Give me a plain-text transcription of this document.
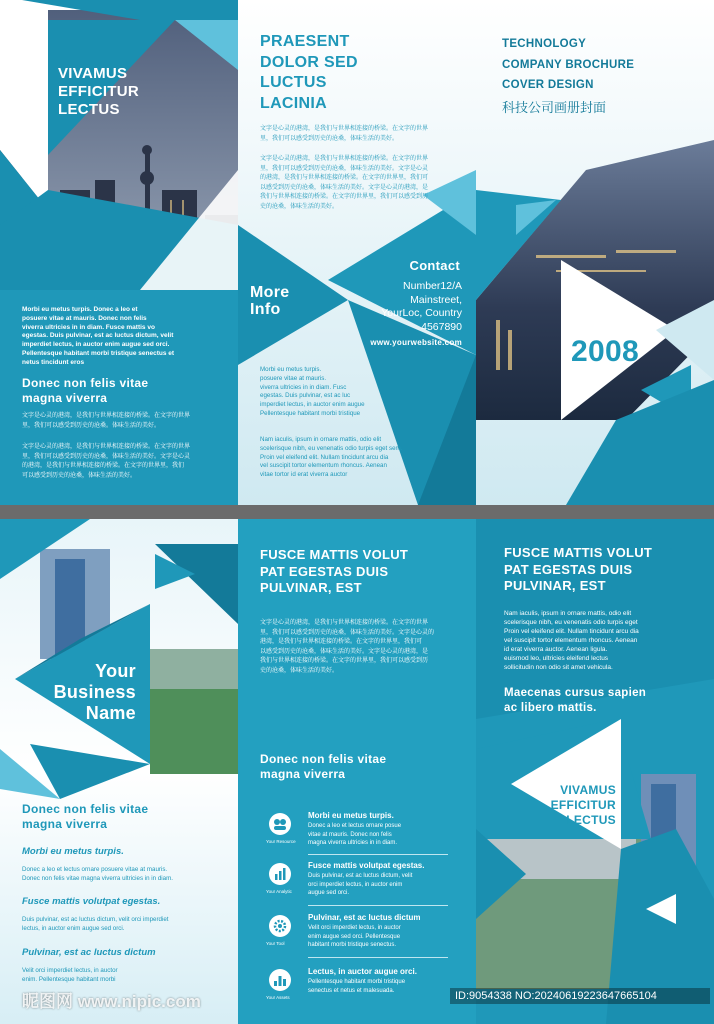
VIVAMUS
EFFICITUR
LECTUS
Morbi eu metus turpis. Donec a leo et
posuere vitae at mauris. Donec non felis
viverra ultricies in in diam. Fusce mattis vo
egestas. Duis pulvinar, est ac luctus dictum, velit
imperdiet lectus, in auctor enim augue sed orci.
Pellentesque habitant morbi tristique senectus et
netus tincidunt eros
Donec non felis vitae
magna viverra
文字是心灵的港湾，是我们与世界相连接的桥梁。在文字的世界
里，我们可以感受到历史的沧桑。体味生活的美好。
文字是心灵的港湾，是我们与世界相连接的桥梁。在文字的世界
里，我们可以感受到历史的沧桑，体味生活的美好。文字是心灵
的港湾，是我们与世界相连接的桥梁。在文字的世界里，我们
可以感受到历史的沧桑，体味生活的美好。
PRAESENT
DOLOR SED
LUCTUS
LACINIA
文字是心灵的港湾，是我们与世界相连接的桥梁。在文字的世界
里，我们可以感受到历史的沧桑，体味生活的美好。
文字是心灵的港湾，是我们与世界相连接的桥梁。在文字的世界
里，我们可以感受到历史的沧桑，体味生活的美好。文字是心灵
的港湾，是我们与世界相连接的桥梁。在文字的世界里，我们可
以感受到历史的沧桑，体味生活的美好。文字是心灵的港湾，是
我们与世界相连接的桥梁。在文字的世界里，我们可以感受到历
史的沧桑，体味生活的美好。
More
Info
Contact
Number12/A
Mainstreet,
YourLoc, Country
4567890
www.yourwebsite.com
Morbi eu metus turpis.
posuere vitae at mauris.
viverra ultricies in in diam. Fusc
egestas. Duis pulvinar, est ac luc
imperdiet lectus, in auctor enim augue
Pellentesque habitant morbi tristique
Nam iaculis, ipsum in ornare mattis, odio elit
scelerisque nibh, eu venenatis odio turpis eget sem.
Proin vel eleifend elit. Nullam tincidunt arcu dia
vel suscipit tortor elementum rhoncus. Aenean
vitae tortor id erat viverra auctor
TECHNOLOGY
COMPANY BROCHURE
COVER DESIGN
科技公司画册封面
2008
Your
Business
Name
Donec non felis vitae
magna viverra
Morbi eu metus turpis.
Donec a leo et lectus ornare posuere vitae at mauris.
Donec non felis vitae magna viverra ultricies in in diam.
Fusce mattis volutpat egestas.
Duis pulvinar, est ac luctus dictum, velit orci imperdiet
lectus, in auctor enim augue sed orci.
Pulvinar, est ac luctus dictum
Velit orci imperdiet lectus, in auctor
enim. Pellentesque habitant morbi
FUSCE MATTIS VOLUT
PAT EGESTAS DUIS
PULVINAR, EST
文字是心灵的港湾，是我们与世界相连接的桥梁。在文字的世界
里，我们可以感受到历史的沧桑，体味生活的美好。文字是心灵的
港湾，是我们与世界相连接的桥梁。在文字的世界里，我们可
以感受到历史的沧桑，体味生活的美好。文字是心灵的港湾，是
我们与世界相连接的桥梁。在文字的世界里，我们可以感受到历
史的沧桑，体味生活的美好。
Donec non felis vitae
magna viverra
Your Resource
Morbi eu metus turpis.
Donec a leo et lectus ornare posue
vitae at mauris. Donec non felis
magna viverra ultricies in in diam.
Your Analytic
Fusce mattis volutpat egestas.
Duis pulvinar, est ac luctus dictum, velit
orci imperdiet lectus, in auctor enim
augue sed orci.
Your Tool
Pulvinar, est ac luctus dictum
Velit orci imperdiet lectus, in auctor
enim augue sed orci. Pellentesque
habitant morbi tristique senectus.
Your Assets
Lectus, in auctor augue orci.
Pellentesque habitant morbi tristique
senectus et netus et malesuada.
FUSCE MATTIS VOLUT
PAT EGESTAS DUIS
PULVINAR, EST
Nam iaculis, ipsum in ornare mattis, odio elit
scelerisque nibh, eu venenatis odio turpis eget
Proin vel eleifend elit. Nullam tincidunt arcu dia
vel suscipit tortor elementum rhoncus. Aenean
id erat viverra auctor. Aenean ligula.
euismod leo, ultricies eleifend lectus
sollicitudin non odio sit amet vehicula.
Maecenas cursus sapien
ac libero mattis.
VIVAMUS
EFFICITUR
LECTUS
昵图网 www.nipic.com	ID:9054338 NO:20240619223647665104
